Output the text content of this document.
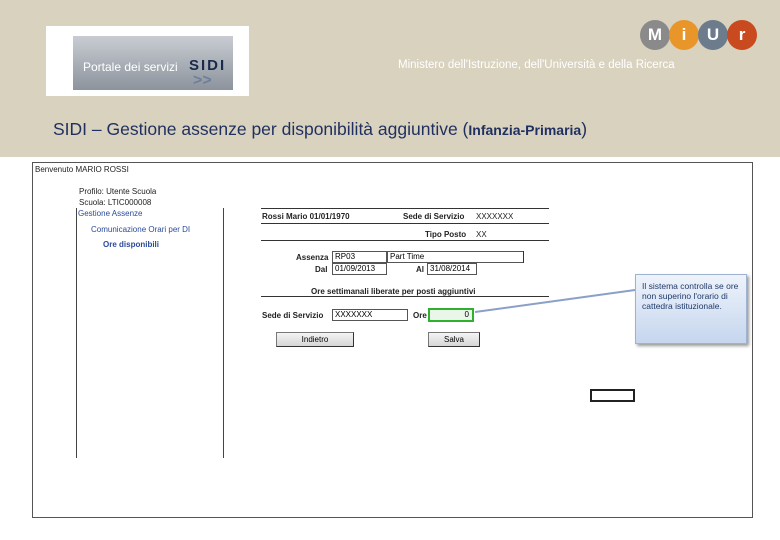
Portale dei servizi SIDI
>>
Ministero dell'Istruzione, dell'Università e della Ricerca
M	i	U	r
SIDI – Gestione assenze per disponibilità aggiuntive (Infanzia-Primaria)
Benvenuto MARIO ROSSI
Profilo: Utente Scuola
Scuola: LTIC000008
Gestione Assenze
Comunicazione Orari per DI
Ore disponibili
Rossi Mario 01/01/1970	Sede di Servizio XXXXXXX
Tipo Posto XX
Assenza RP03	Part Time
Dal 01/09/2013	Al 31/08/2014
Ore settimanali liberate per posti aggiuntivi
Sede di Servizio	XXXXXXX	Ore	0
Indietro	Salva
Il sistema controlla se ore non superino l'orario di cattedra istituzionale.
